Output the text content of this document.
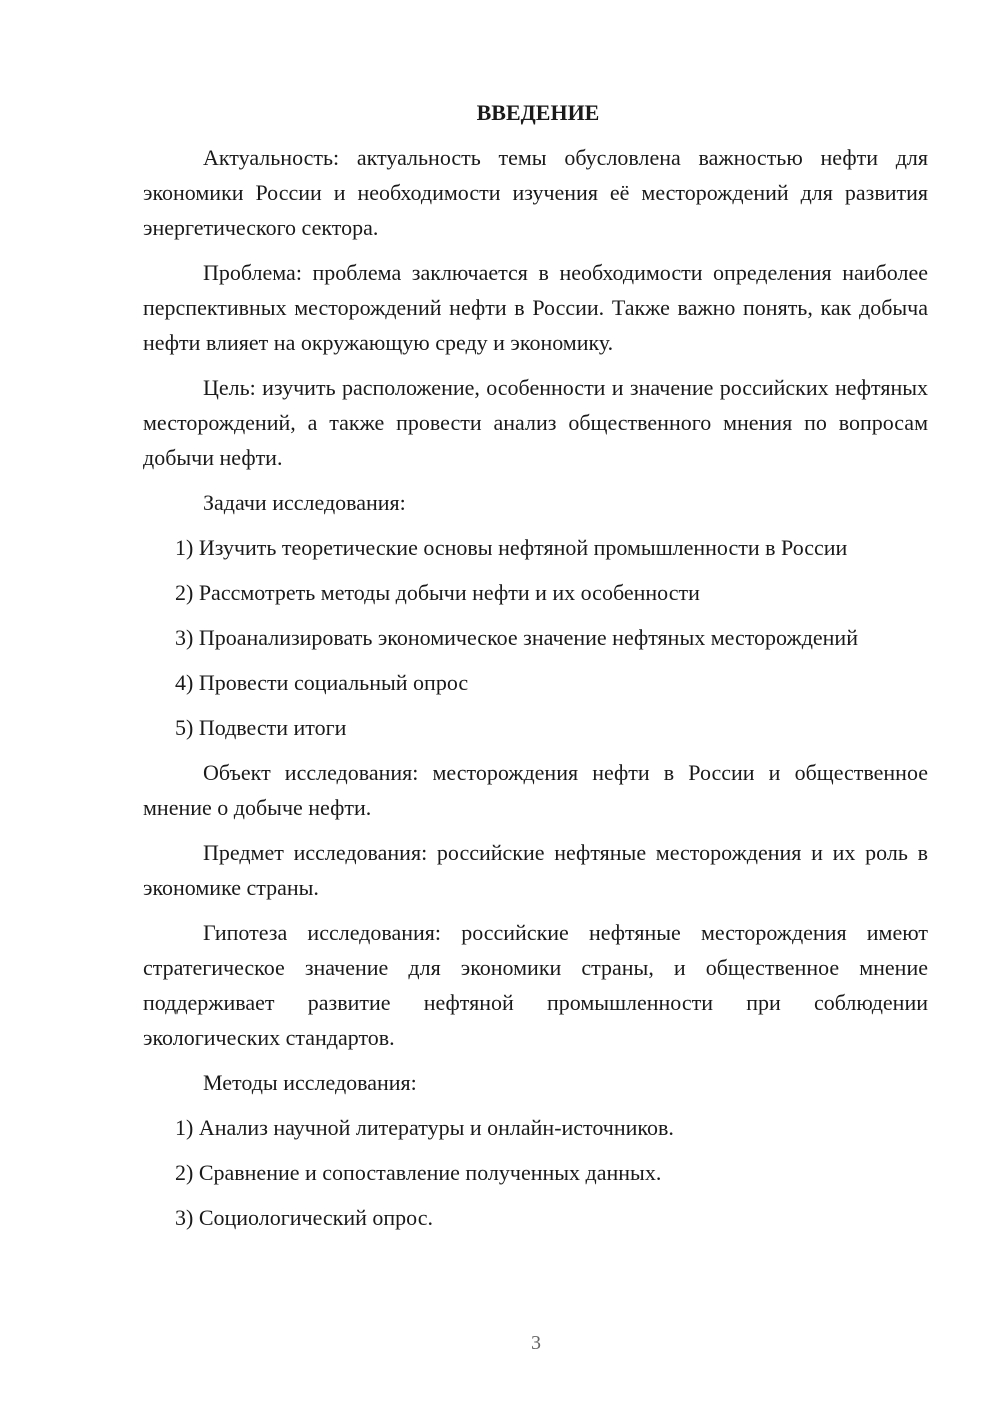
ВВЕДЕНИЕ

Актуальность: актуальность темы обусловлена важностью нефти для экономики России и необходимости изучения её месторождений для развития энергетического сектора.

Проблема: проблема заключается в необходимости определения наиболее перспективных месторождений нефти в России. Также важно понять, как добыча нефти влияет на окружающую среду и экономику.

Цель: изучить расположение, особенности и значение российских нефтяных месторождений, а также провести анализ общественного мнения по вопросам добычи нефти.

Задачи исследования:

1) Изучить теоретические основы нефтяной промышленности в России

2) Рассмотреть методы добычи нефти и их особенности

3) Проанализировать экономическое значение нефтяных месторождений

4) Провести социальный опрос

5) Подвести итоги

Объект исследования: месторождения нефти в России и общественное мнение о добыче нефти.

Предмет исследования: российские нефтяные месторождения и их роль в экономике страны.

Гипотеза исследования: российские нефтяные месторождения имеют стратегическое значение для экономики страны, и общественное мнение поддерживает развитие нефтяной промышленности при соблюдении экологических стандартов.

Методы исследования:

1) Анализ научной литературы и онлайн-источников.

2) Сравнение и сопоставление полученных данных.

3) Социологический опрос.

3
